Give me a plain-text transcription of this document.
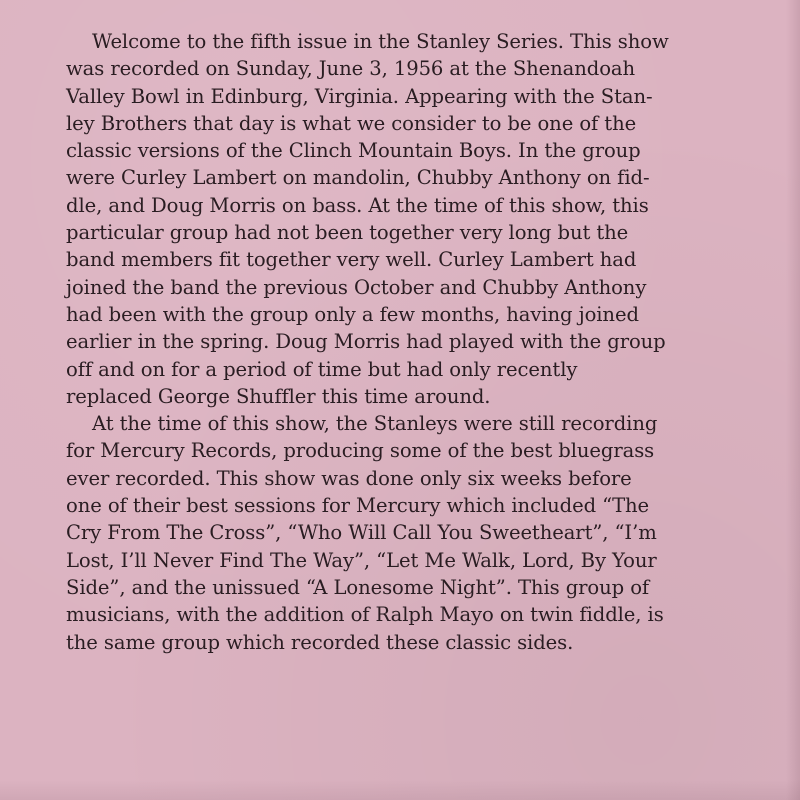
Welcome to the fifth issue in the Stanley Series. This show
was recorded on Sunday, June 3, 1956 at the Shenandoah
Valley Bowl in Edinburg, Virginia. Appearing with the Stan-
ley Brothers that day is what we consider to be one of the
classic versions of the Clinch Mountain Boys. In the group
were Curley Lambert on mandolin, Chubby Anthony on fid-
dle, and Doug Morris on bass. At the time of this show, this
particular group had not been together very long but the
band members fit together very well. Curley Lambert had
joined the band the previous October and Chubby Anthony
had been with the group only a few months, having joined
earlier in the spring. Doug Morris had played with the group
off and on for a period of time but had only recently
replaced George Shuffler this time around.
At the time of this show, the Stanleys were still recording
for Mercury Records, producing some of the best bluegrass
ever recorded. This show was done only six weeks before
one of their best sessions for Mercury which included “The
Cry From The Cross”, “Who Will Call You Sweetheart”, “I’m
Lost, I’ll Never Find The Way”, “Let Me Walk, Lord, By Your
Side”, and the unissued “A Lonesome Night”. This group of
musicians, with the addition of Ralph Mayo on twin fiddle, is
the same group which recorded these classic sides.
